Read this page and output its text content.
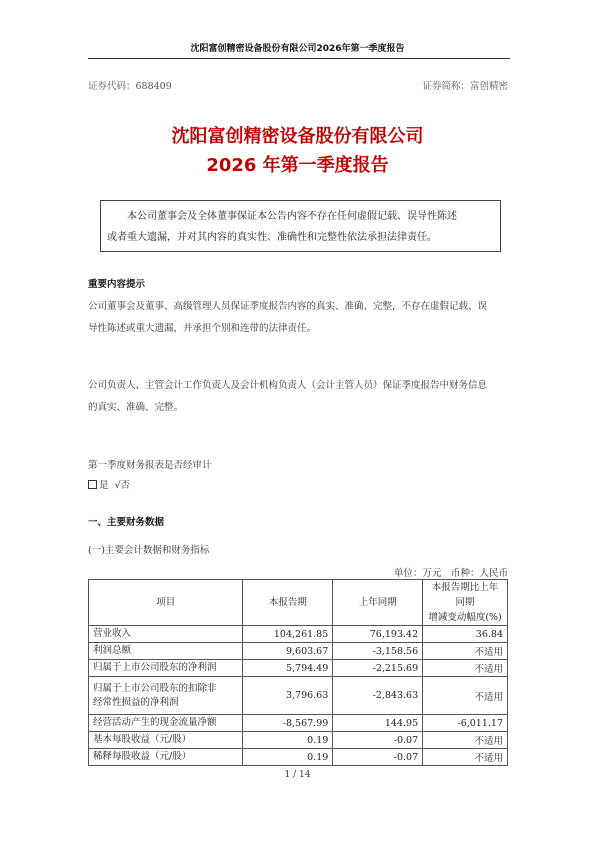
沈阳富创精密设备股份有限公司2026年第一季度报告
证券代码：688409	证券简称：富创精密
沈阳富创精密设备股份有限公司
2026 年第一季度报告
本公司董事会及全体董事保证本公告内容不存在任何虚假记载、误导性陈述
或者重大遗漏，并对其内容的真实性、准确性和完整性依法承担法律责任。
重要内容提示
公司董事会及董事、高级管理人员保证季度报告内容的真实、准确、完整，不存在虚假记载、误
导性陈述或重大遗漏，并承担个别和连带的法律责任。
公司负责人、主管会计工作负责人及会计机构负责人（会计主管人员）保证季度报告中财务信息
的真实、准确、完整。
第一季度财务报表是否经审计
是 √否
一、主要财务数据
(一)主要会计数据和财务指标
单位：万元　币种：人民币
项目	本报告期	上年同期	本报告期比上年同期
增减变动幅度(%)

营业收入	104,261.85	76,193.42	36.84
利润总额	9,603.67	-3,158.56	不适用
归属于上市公司股东的净利润	5,794.49	-2,215.69	不适用

归属于上市公司股东的扣除非
经常性损益的净利润	3,796.63	-2,843.63	不适用
经营活动产生的现金流量净额	-8,567.99	144.95	-6,011.17
基本每股收益（元/股）	0.19	-0.07	不适用
稀释每股收益（元/股）	0.19	-0.07	不适用
1 / 14
